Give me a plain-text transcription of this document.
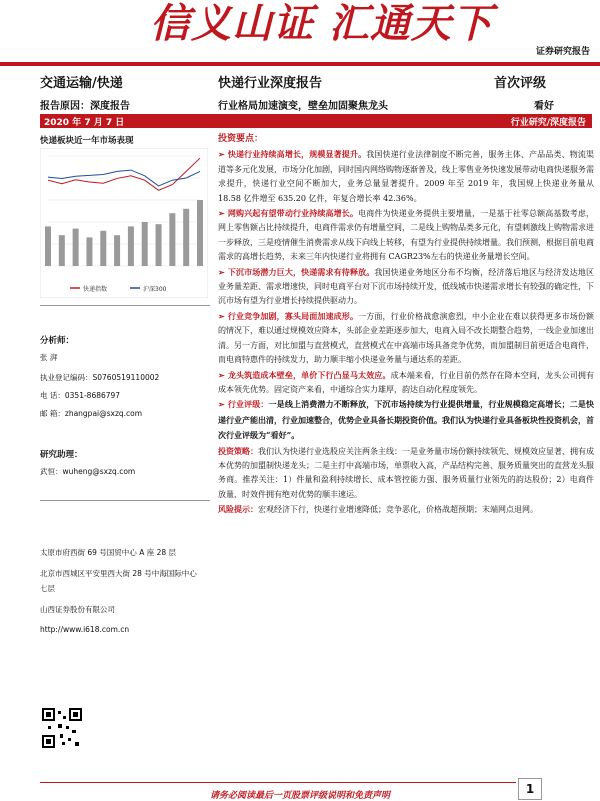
信义山证 汇通天下
证券研究报告
交通运输/快递	快递行业深度报告	首次评级
报告原因：深度报告	行业格局加速演变，壁垒加固聚焦龙头	看好
2020 年 7 月 7 日	行业研究/深度报告
快递板块近一年市场表现
快递指数	沪深300
分析师：
张 湃
执业登记编码：S0760519110002
电 话：0351-8686797
邮 箱：zhangpai@sxzq.com
研究助理：
武恒：wuheng@sxzq.com
太原市府西街 69 号国贸中心 A 座 28 层
北京市西城区平安里西大街 28 号中海国际中心七层
山西证券股份有限公司
http://www.i618.com.cn
投资要点：
➢ 快递行业持续高增长，规模显著提升。我国快递行业法律制度不断完善，服务主体、产品品类、物流渠道等多元化发展，市场分化加剧，同时国内网络购物逐渐普及，线上零售业务快速发展带动电商快递服务需求提升，快递行业空间不断加大，业务总量显著提升。2009 年至 2019 年，我国规上快递业务量从 18.58 亿件增至 635.20 亿件，年复合增长率 42.36%。
➢ 网购兴起有望带动行业持续高增长。电商件为快递业务提供主要增量，一是基于社零总额高基数考虑，网上零售额占比持续提升，电商件需求仍有增量空间，二是线上购物品类多元化，有望刺激线上购物需求进一步释放，三是疫情催生消费需求从线下向线上转移，有望为行业提供持续增量。我们预测，根据目前电商需求的高增长趋势，未来三年内快递行业将拥有 CAGR23%左右的快递业务量增长空间。
➢ 下沉市场潜力巨大，快递需求有待释放。我国快递业务地区分布不均衡，经济落后地区与经济发达地区业务量差距、需求增速快，同时电商平台对下沉市场持续开发，低线城市快递需求增长有较强的确定性，下沉市场有望为行业增长持续提供驱动力。
➢ 行业竞争加剧，寡头局面加速成形。一方面，行业价格战愈演愈烈，中小企业在难以获得更多市场份额的情况下，难以通过规模效应降本，头部企业差距逐步加大，电商入局不改长期整合趋势，一线企业加速出清。另一方面，对比加盟与直营模式，直营模式在中高端市场具备竞争优势，而加盟制目前更适合电商件，而电商特惠件的持续发力，助力顺丰缩小快递业务量与通达系的差距。
➢ 龙头筑造成本壁垒，单价下行凸显马太效应。成本端来看，行业目前仍然存在降本空间，龙头公司拥有成本领先优势。固定资产来看，中通综合实力雄厚，韵达自动化程度领先。
➢ 行业评级：一是线上消费潜力不断释放，下沉市场持续为行业提供增量，行业规模稳定高增长；二是快递行业产能出清，行业加速整合，优势企业具备长期投资价值。我们认为快递行业具备板块性投资机会，首次行业评级为“看好”。
投资策略：我们认为快递行业选股应关注两条主线：一是业务量市场份额持续领先、规模效应显著、拥有成本优势的加盟制快递龙头；二是主打中高端市场，单票收入高，产品结构完善、服务质量突出的直营龙头服务商。推荐关注：1）件量和盈利持续增长、成本管控能力强、服务质量行业领先的韵达股份；2）电商件放量、时效件拥有绝对优势的顺丰速运。
风险提示：宏观经济下行，快递行业增速降低；竞争恶化，价格战超预期；末端网点退网。
请务必阅读最后一页股票评级说明和免责声明	1
